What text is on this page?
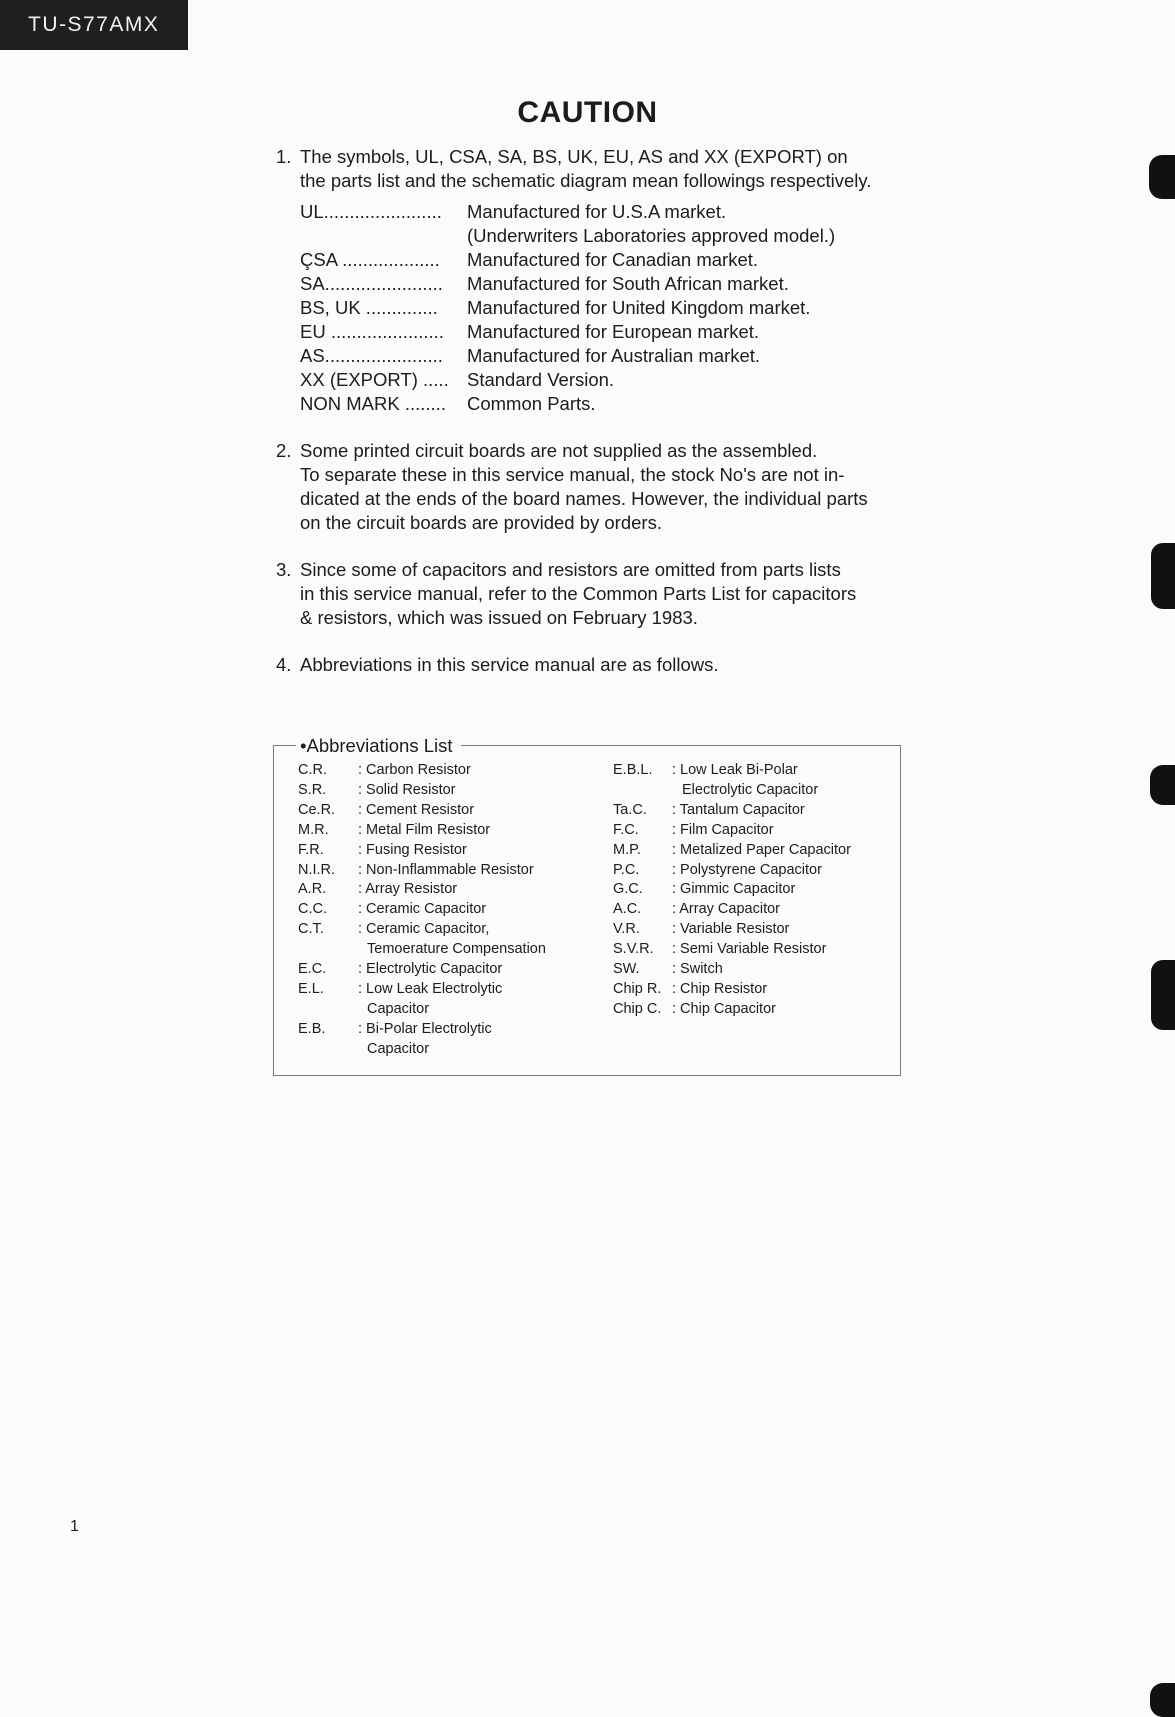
TU-S77AMX
CAUTION
1. The symbols, UL, CSA, SA, BS, UK, EU, AS and XX (EXPORT) on
the parts list and the schematic diagram mean followings respectively.
UL.......................	Manufactured for U.S.A market.
(Underwriters Laboratories approved model.)
ÇSA ...................	Manufactured for Canadian market.
SA.......................	Manufactured for South African market.
BS, UK ..............	Manufactured for United Kingdom market.
EU ......................	Manufactured for European market.
AS.......................	Manufactured for Australian market.
XX (EXPORT) ..... Standard Version.
NON MARK ........	Common Parts.
2. Some printed circuit boards are not supplied as the assembled.
To separate these in this service manual, the stock No's are not in-
dicated at the ends of the board names. However, the individual parts
on the circuit boards are provided by orders.
3. Since some of capacitors and resistors are omitted from parts lists
in this service manual, refer to the Common Parts List for capacitors
& resistors, which was issued on February 1983.
4. Abbreviations in this service manual are as follows.
•Abbreviations List
C.R.	: Carbon Resistor
S.R.	: Solid Resistor
Ce.R.	: Cement Resistor
M.R.	: Metal Film Resistor
F.R.	: Fusing Resistor
N.I.R.	: Non-Inflammable Resistor
A.R.	: Array Resistor
C.C.	: Ceramic Capacitor
C.T.	: Ceramic Capacitor,
Temoerature Compensation
E.C.	: Electrolytic Capacitor
E.L.	: Low Leak Electrolytic
Capacitor
E.B.	: Bi-Polar Electrolytic
Capacitor
E.B.L.	: Low Leak Bi-Polar
Electrolytic Capacitor
Ta.C.	: Tantalum Capacitor
F.C.	: Film Capacitor
M.P.	: Metalized Paper Capacitor
P.C.	: Polystyrene Capacitor
G.C.	: Gimmic Capacitor
A.C.	: Array Capacitor
V.R.	: Variable Resistor
S.V.R.	: Semi Variable Resistor
SW.	: Switch
Chip R. : Chip Resistor
Chip C. : Chip Capacitor
1
